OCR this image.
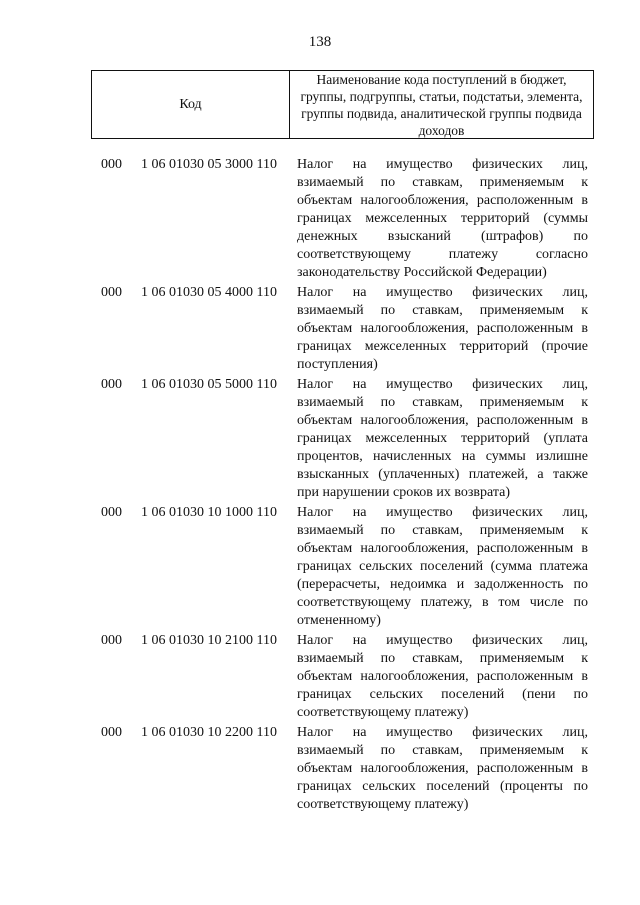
138
Код
Наименование кода поступлений в бюджет, группы, подгруппы, статьи, подстатьи, элемента, группы подвида, аналитической группы подвида доходов
000 1 06 01030 05 3000 110 Налог на имущество физических лиц, взимаемый по ставкам, применяемым к объектам налогообложения, расположенным в границах межселенных территорий (суммы денежных взысканий (штрафов) по соответствующему платежу согласно законодательству Российской Федерации)
000 1 06 01030 05 4000 110 Налог на имущество физических лиц, взимаемый по ставкам, применяемым к объектам налогообложения, расположенным в границах межселенных территорий (прочие поступления)
000 1 06 01030 05 5000 110 Налог на имущество физических лиц, взимаемый по ставкам, применяемым к объектам налогообложения, расположенным в границах межселенных территорий (уплата процентов, начисленных на суммы излишне взысканных (уплаченных) платежей, а также при нарушении сроков их возврата)
000 1 06 01030 10 1000 110 Налог на имущество физических лиц, взимаемый по ставкам, применяемым к объектам налогообложения, расположенным в границах сельских поселений (сумма платежа (перерасчеты, недоимка и задолженность по соответствующему платежу, в том числе по отмененному)
000 1 06 01030 10 2100 110 Налог на имущество физических лиц, взимаемый по ставкам, применяемым к объектам налогообложения, расположенным в границах сельских поселений (пени по соответствующему платежу)
000 1 06 01030 10 2200 110 Налог на имущество физических лиц, взимаемый по ставкам, применяемым к объектам налогообложения, расположенным в границах сельских поселений (проценты по соответствующему платежу)
